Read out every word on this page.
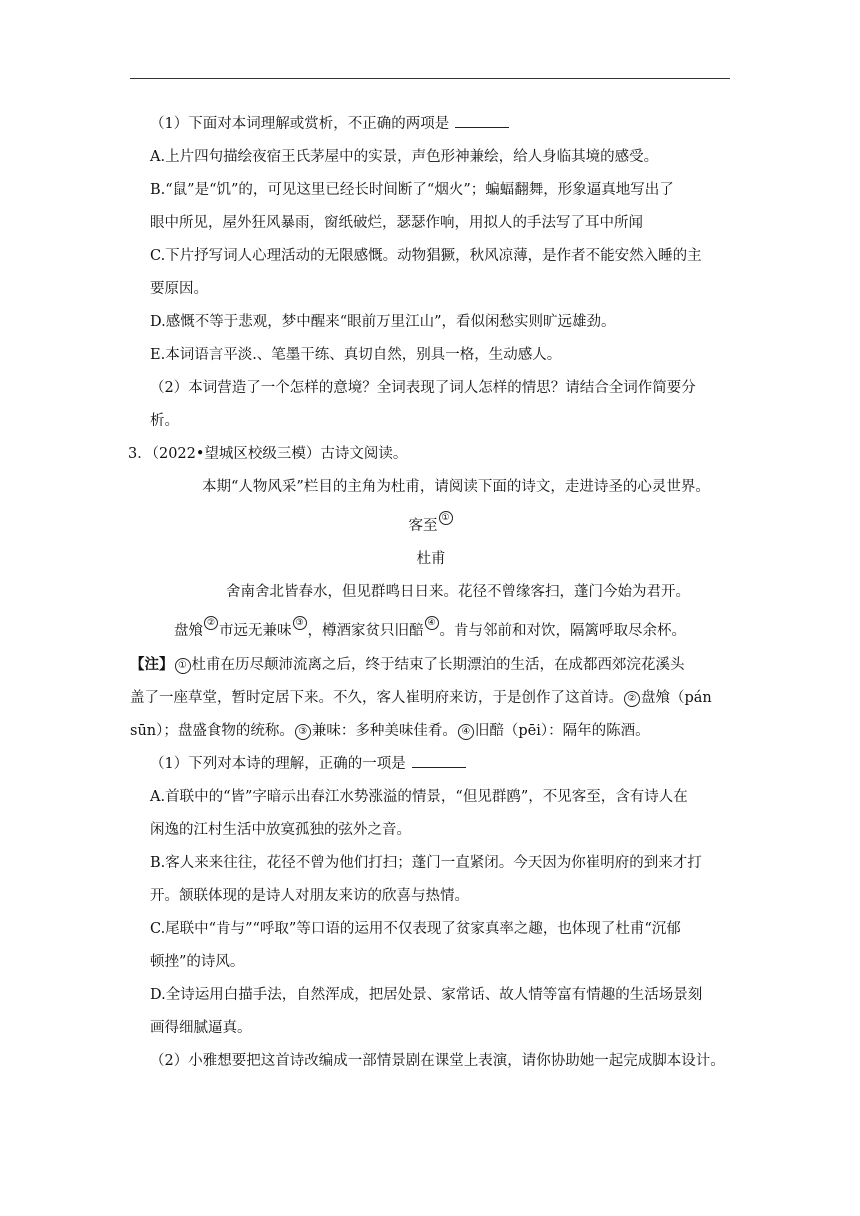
（1）下面对本词理解或赏析，不正确的两项是

A.上片四句描绘夜宿王氏茅屋中的实景，声色形神兼绘，给人身临其境的感受。

B.“鼠”是“饥”的，可见这里已经长时间断了“烟火”；蝙蝠翻舞，形象逼真地写出了

眼中所见，屋外狂风暴雨，窗纸破烂，瑟瑟作响，用拟人的手法写了耳中所闻

C.下片抒写词人心理活动的无限感慨。动物猖獗，秋风凉薄，是作者不能安然入睡的主

要原因。

D.感慨不等于悲观，梦中醒来“眼前万里江山”，看似闲愁实则旷远雄劲。

E.本词语言平淡.、笔墨干练、真切自然，别具一格，生动感人。

（2）本词营造了一个怎样的意境？全词表现了词人怎样的情思？请结合全词作简要分

析。

3．（2022•望城区校级三模）古诗文阅读。

本期“人物风采”栏目的主角为杜甫，请阅读下面的诗文，走进诗圣的心灵世界。

客至 ①

杜甫

舍南舍北皆春水，但见群鸣日日来。花径不曾缘客扫，蓬门今始为君开。

盘飧 ② 市远无兼味 ③ ，樽酒家贫只旧醅 ④ 。肯与邻前和对饮，隔篱呼取尽余杯。

【注】 ① 杜甫在历尽颠沛流离之后，终于结束了长期漂泊的生活，在成都西郊浣花溪头

盖了一座草堂，暂时定居下来。不久，客人崔明府来访，于是创作了这首诗。 ② 盘飧（pán

sūn）；盘盛食物的统称。 ③ 兼味：多种美味佳肴。 ④ 旧醅（pēi）：隔年的陈酒。

（1）下列对本诗的理解，正确的一项是

A.首联中的“皆”字暗示出春江水势涨溢的情景，“但见群鸥”，不见客至，含有诗人在

闲逸的江村生活中放寞孤独的弦外之音。

B.客人来来往往，花径不曾为他们打扫；蓬门一直紧闭。今天因为你崔明府的到来才打

开。颔联体现的是诗人对朋友来访的欣喜与热情。

C.尾联中“肯与”“呼取”等口语的运用不仅表现了贫家真率之趣，也体现了杜甫“沉郁

顿挫”的诗风。

D.全诗运用白描手法，自然浑成，把居处景、家常话、故人情等富有情趣的生活场景刻

画得细腻逼真。

（2）小雅想要把这首诗改编成一部情景剧在课堂上表演，请你协助她一起完成脚本设计。
